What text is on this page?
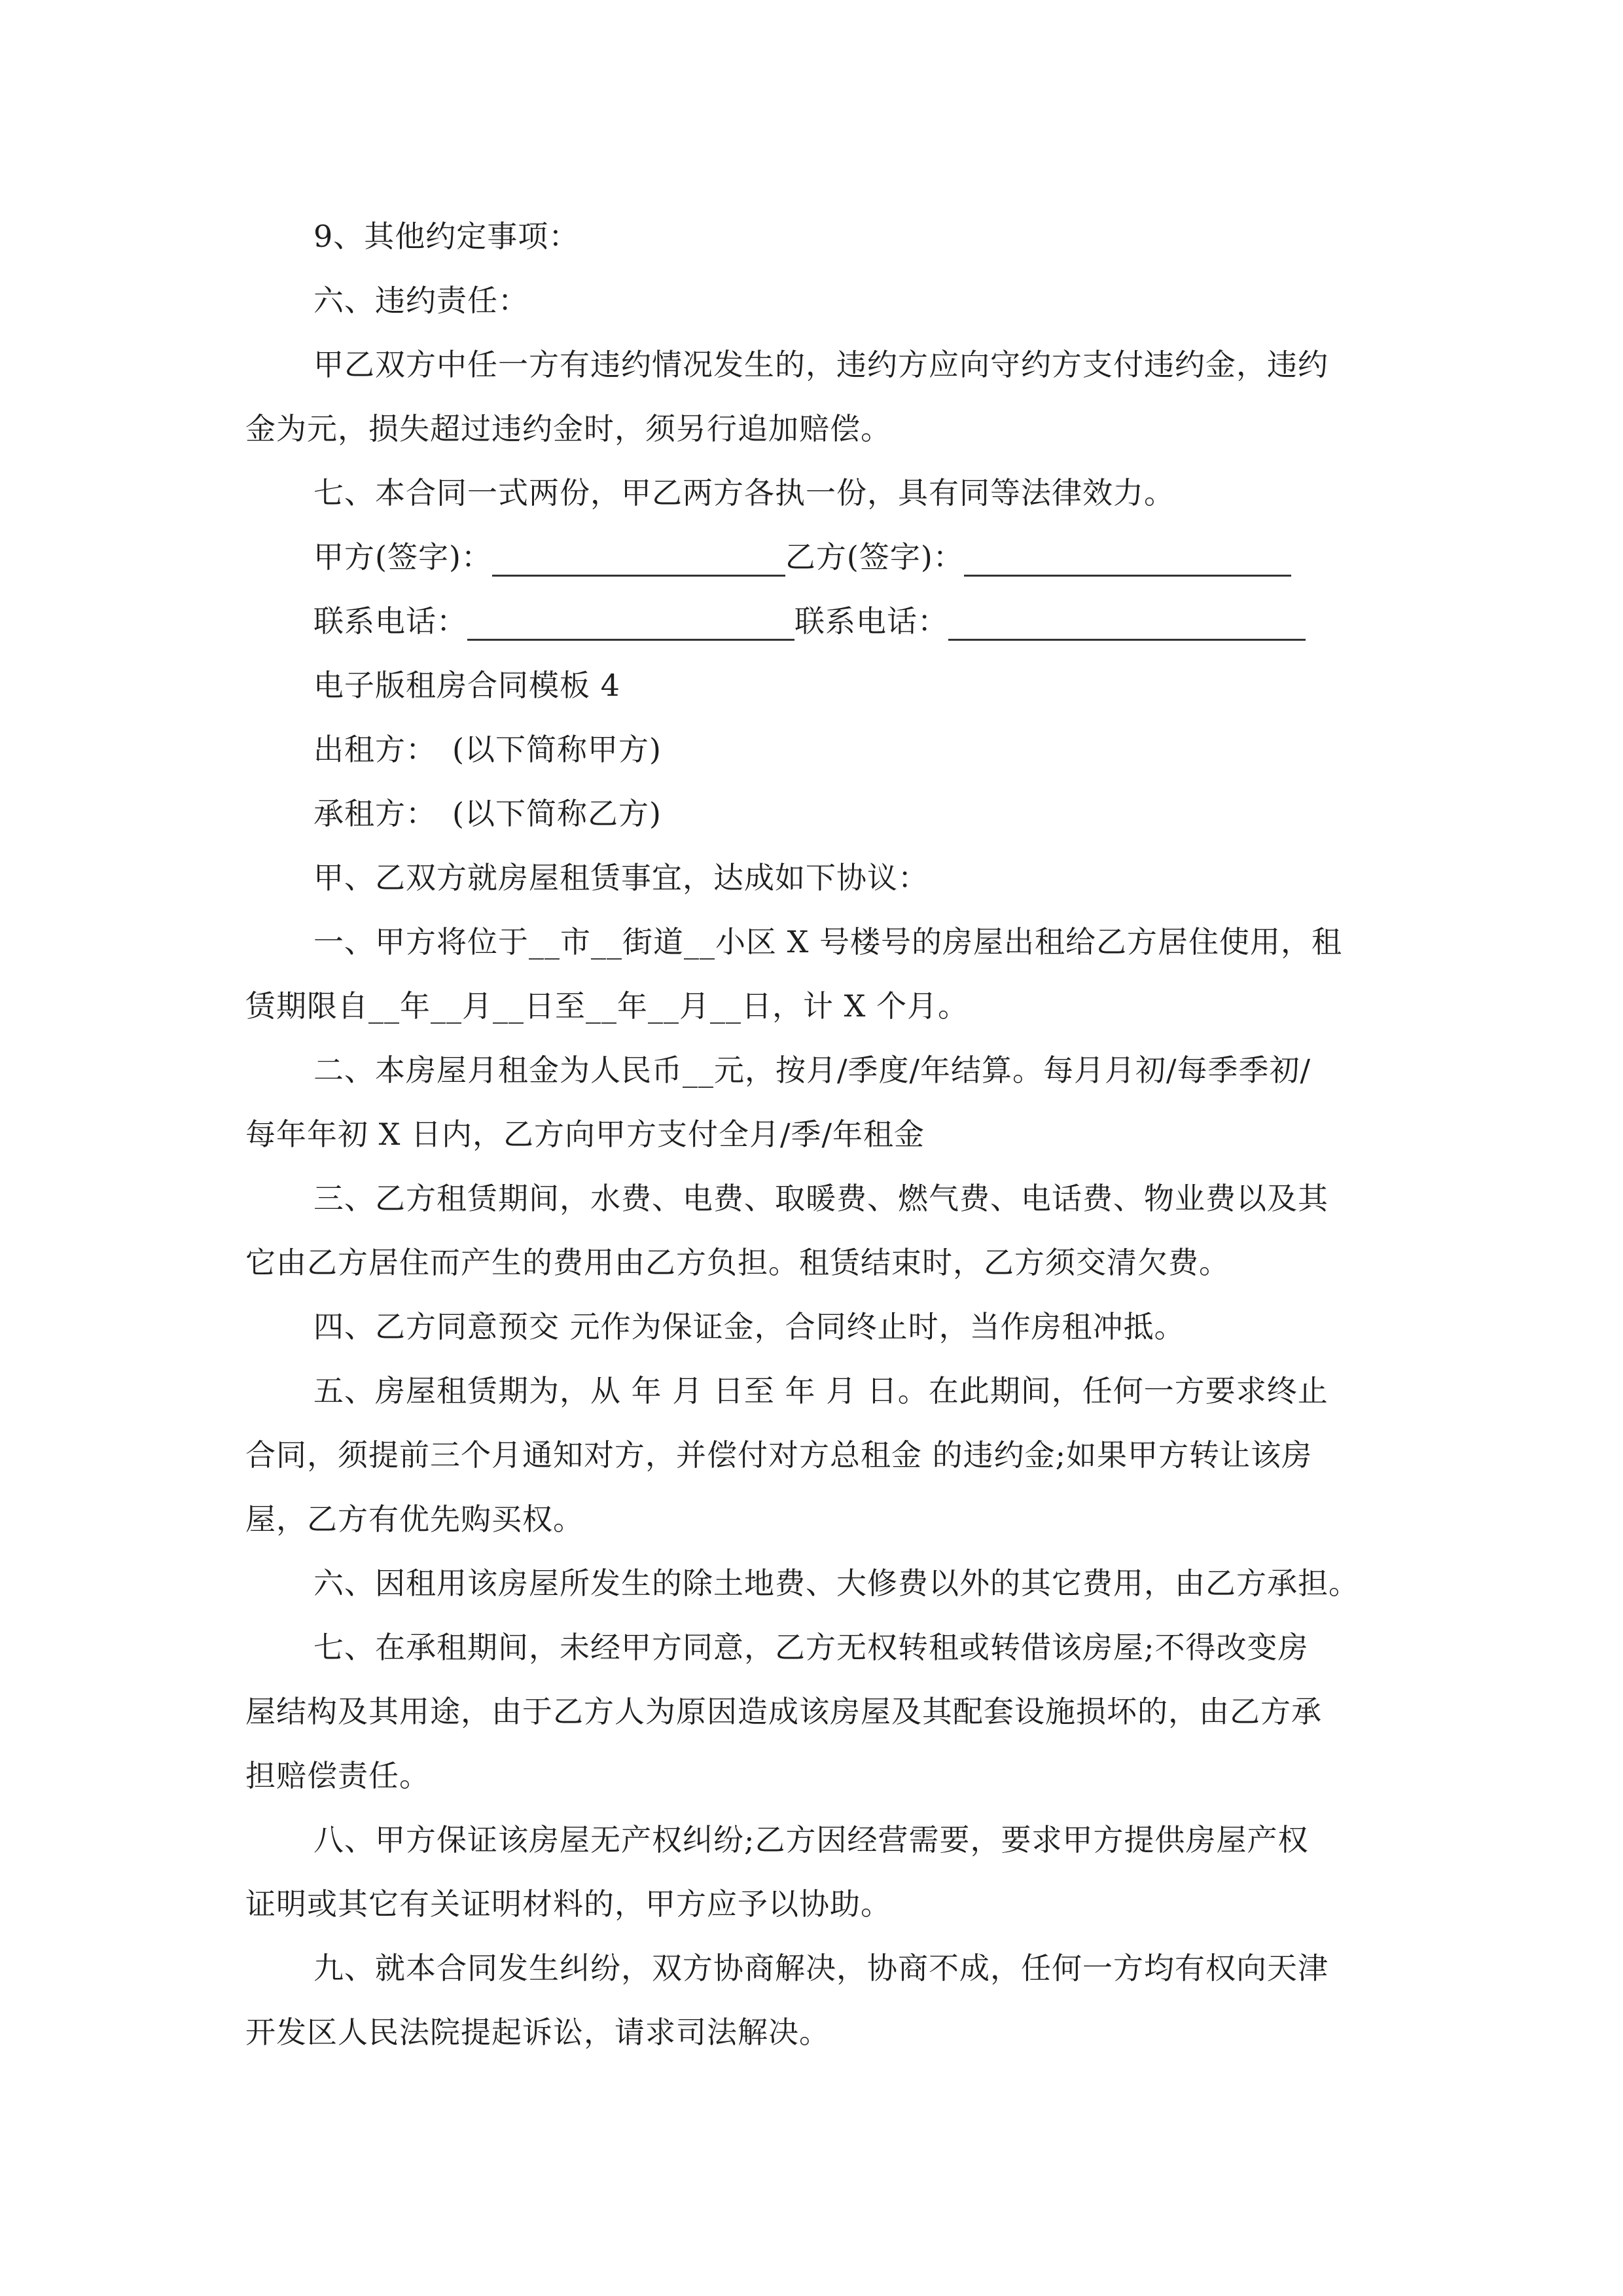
9、其他约定事项：
六、违约责任：
甲乙双方中任一方有违约情况发生的，违约方应向守约方支付违约金，违约
金为元，损失超过违约金时，须另行追加赔偿。
七、本合同一式两份，甲乙两方各执一份，具有同等法律效力。
甲方(签字)：	乙方(签字)：
联系电话：	联系电话：
电子版租房合同模板 4
出租方：　(以下简称甲方)
承租方：　(以下简称乙方)
甲、乙双方就房屋租赁事宜，达成如下协议：
一、甲方将位于__市__街道__小区 X 号楼号的房屋出租给乙方居住使用，租
赁期限自__年__月__日至__年__月__日，计 X 个月。
二、本房屋月租金为人民币__元，按月/季度/年结算。每月月初/每季季初/
每年年初 X 日内，乙方向甲方支付全月/季/年租金
三、乙方租赁期间，水费、电费、取暖费、燃气费、电话费、物业费以及其
它由乙方居住而产生的费用由乙方负担。租赁结束时，乙方须交清欠费。
四、乙方同意预交 元作为保证金，合同终止时，当作房租冲抵。
五、房屋租赁期为，从 年 月 日至 年 月 日。在此期间，任何一方要求终止
合同，须提前三个月通知对方，并偿付对方总租金 的违约金;如果甲方转让该房
屋，乙方有优先购买权。
六、因租用该房屋所发生的除土地费、大修费以外的其它费用，由乙方承担。
七、在承租期间，未经甲方同意，乙方无权转租或转借该房屋;不得改变房
屋结构及其用途，由于乙方人为原因造成该房屋及其配套设施损坏的，由乙方承
担赔偿责任。
八、甲方保证该房屋无产权纠纷;乙方因经营需要，要求甲方提供房屋产权
证明或其它有关证明材料的，甲方应予以协助。
九、就本合同发生纠纷，双方协商解决，协商不成，任何一方均有权向天津
开发区人民法院提起诉讼，请求司法解决。
